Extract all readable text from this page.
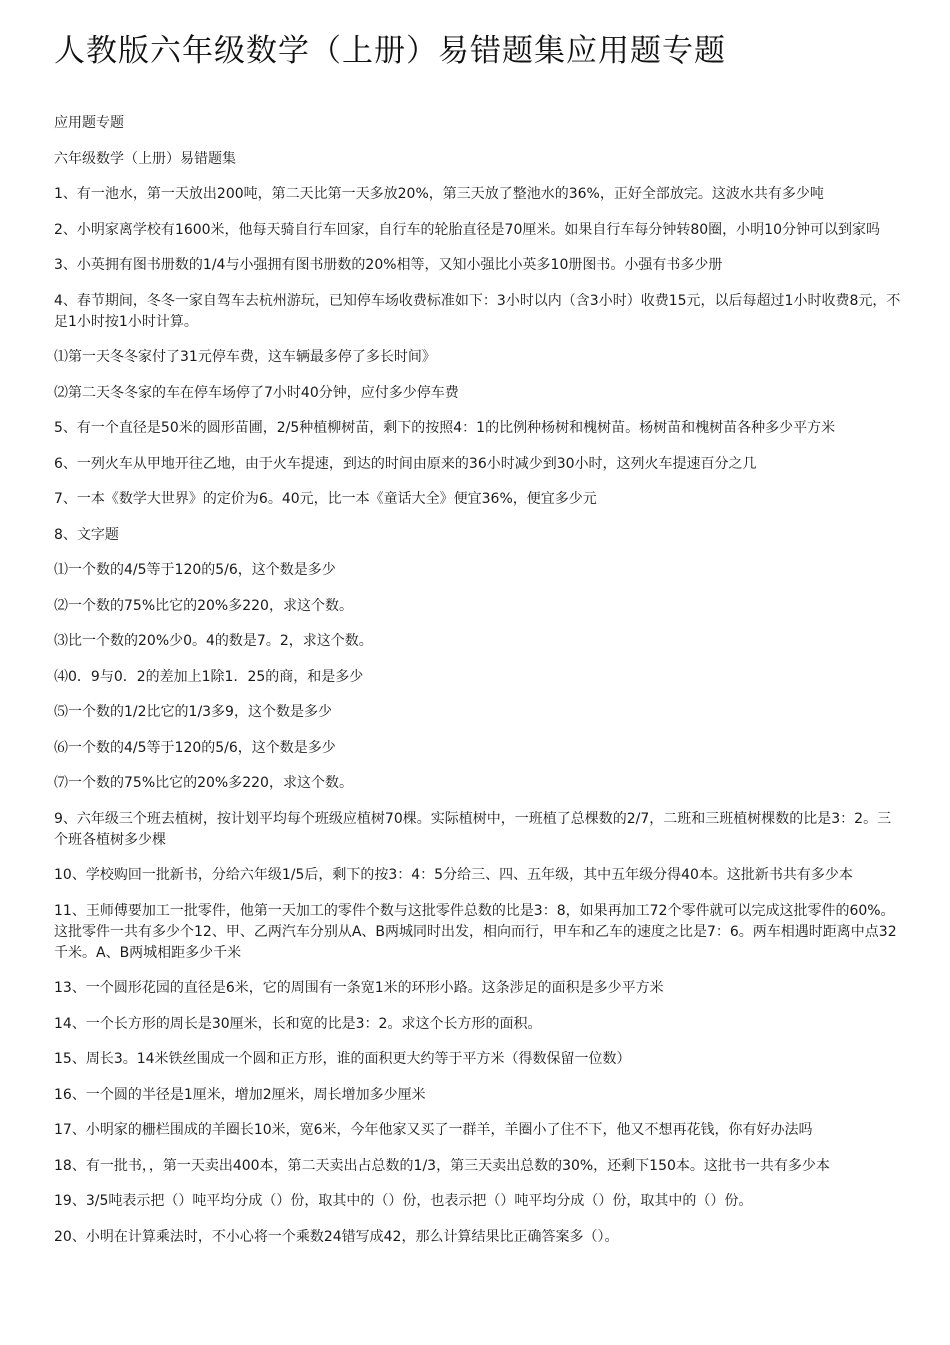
人教版六年级数学（上册）易错题集应用题专题

应用题专题

六年级数学（上册）易错题集

1、有一池水，第一天放出200吨，第二天比第一天多放20%，第三天放了整池水的36%，正好全部放完。这波水共有多少吨

2、小明家离学校有1600米，他每天骑自行车回家，自行车的轮胎直径是70厘米。如果自行车每分钟转80圈，小明10分钟可以到家吗

3、小英拥有图书册数的1/4与小强拥有图书册数的20%相等，又知小强比小英多10册图书。小强有书多少册

4、春节期间，冬冬一家自驾车去杭州游玩，已知停车场收费标准如下：3小时以内（含3小时）收费15元，以后每超过1小时收费8元，不足1小时按1小时计算。

⑴第一天冬冬家付了31元停车费，这车辆最多停了多长时间》

⑵第二天冬冬家的车在停车场停了7小时40分钟，应付多少停车费

5、有一个直径是50米的圆形苗圃，2/5种植柳树苗，剩下的按照4：1的比例种杨树和槐树苗。杨树苗和槐树苗各种多少平方米

6、一列火车从甲地开往乙地，由于火车提速，到达的时间由原来的36小时减少到30小时，这列火车提速百分之几

7、一本《数学大世界》的定价为6。40元，比一本《童话大全》便宜36%，便宜多少元

8、文字题

⑴一个数的4/5等于120的5/6，这个数是多少

⑵一个数的75%比它的20%多220，求这个数。

⑶比一个数的20%少0。4的数是7。2，求这个数。

⑷0．9与0．2的差加上1除1．25的商，和是多少

⑸一个数的1/2比它的1/3多9，这个数是多少

⑹一个数的4/5等于120的5/6，这个数是多少

⑺一个数的75%比它的20%多220，求这个数。

9、六年级三个班去植树，按计划平均每个班级应植树70棵。实际植树中，一班植了总棵数的2/7，二班和三班植树棵数的比是3：2。三个班各植树多少棵

10、学校购回一批新书，分给六年级1/5后，剩下的按3：4：5分给三、四、五年级，其中五年级分得40本。这批新书共有多少本

11、王师傅要加工一批零件，他第一天加工的零件个数与这批零件总数的比是3：8，如果再加工72个零件就可以完成这批零件的60%。这批零件一共有多少个12、甲、乙两汽车分别从A、B两城同时出发，相向而行，甲车和乙车的速度之比是7：6。两车相遇时距离中点32千米。A、B两城相距多少千米

13、一个圆形花园的直径是6米，它的周围有一条宽1米的环形小路。这条涉足的面积是多少平方米

14、一个长方形的周长是30厘米，长和宽的比是3：2。求这个长方形的面积。

15、周长3。14米铁丝围成一个圆和正方形，谁的面积更大约等于平方米（得数保留一位数）

16、一个圆的半径是1厘米，增加2厘米，周长增加多少厘米

17、小明家的栅栏围成的羊圈长10米，宽6米，今年他家又买了一群羊，羊圈小了住不下，他又不想再花钱，你有好办法吗

18、有一批书，，第一天卖出400本，第二天卖出占总数的1/3，第三天卖出总数的30%，还剩下150本。这批书一共有多少本

19、3/5吨表示把（）吨平均分成（）份，取其中的（）份，也表示把（）吨平均分成（）份，取其中的（）份。

20、小明在计算乘法时，不小心将一个乘数24错写成42，那么计算结果比正确答案多（）。
